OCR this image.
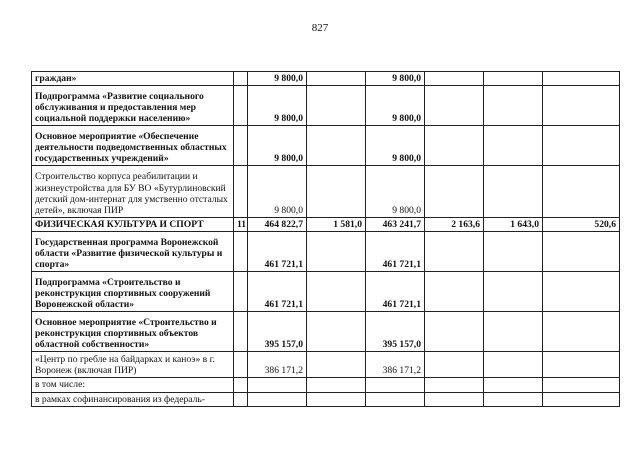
827
граждан»		9 800,0		9 800,0			
Подпрограмма «Развитие социального обслуживания и предоставления мер социальной поддержки населению»		9 800,0		9 800,0			
Основное мероприятие «Обеспечение деятельности подведомственных областных государственных учреждений»		9 800,0		9 800,0			
Строительство корпуса реабилитации и жизнеустройства для БУ ВО «Бутурлиновский детский дом-интернат для умственно отсталых детей», включая ПИР		9 800,0		9 800,0			
ФИЗИЧЕСКАЯ КУЛЬТУРА И СПОРТ	11	464 822,7	1 581,0	463 241,7	2 163,6	1 643,0	520,6
Государственная программа Воронежской области «Развитие физической культуры и спорта»		461 721,1		461 721,1			
Подпрограмма «Строительство и реконструкция спортивных сооружений Воронежской области»		461 721,1		461 721,1			
Основное мероприятие «Строительство и реконструкция спортивных объектов областной собственности»		395 157,0		395 157,0			
«Центр по гребле на байдарках и каноэ» в г. Воронеж (включая ПИР)		386 171,2		386 171,2			
в том числе:							
в рамках софинансирования из федераль-							
